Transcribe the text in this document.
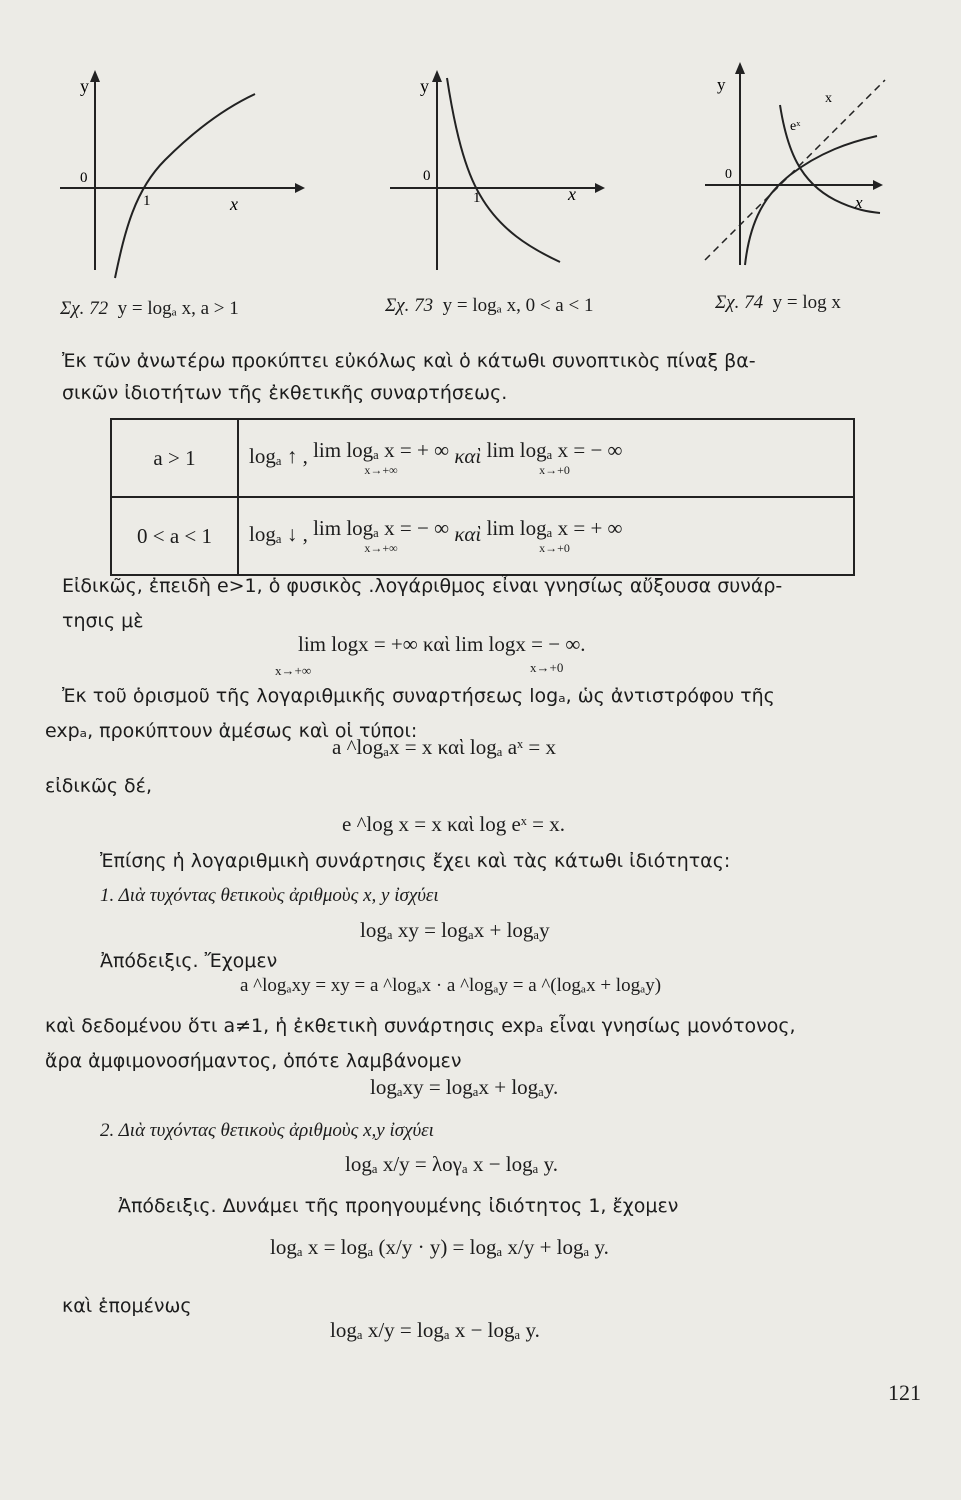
y
x
0
1
y
x
0
1
y
x
0
eˣ
x
Σχ. 72 y = logₐ x, a > 1	Σχ. 73 y = logₐ x, 0 < a < 1	Σχ. 74 y = log x
Ἐκ τῶν ἀνωτέρω προκύπτει εὐκόλως καὶ ὁ κάτωθι συνοπτικὸς πίναξ βα-
σικῶν ἰδιοτήτων τῆς ἐκθετικῆς συναρτήσεως.
a > 1	logₐ ↑ , lim logₐ x = + ∞
x→+∞
καὶ lim logₐ x = − ∞
x→+0

0 < a < 1	logₐ ↓ , lim logₐ x = − ∞
x→+∞
καὶ lim logₐ x = + ∞
x→+0
Εἰδικῶς, ἐπειδὴ e>1, ὁ φυσικὸς .λογάριθμος εἶναι γνησίως αὔξουσα συνάρ-
τησις μὲ
lim logx = +∞ καὶ lim logx = − ∞.
x→+∞	x→+0
Ἐκ τοῦ ὁρισμοῦ τῆς λογαριθμικῆς συναρτήσεως logₐ, ὡς ἀντιστρόφου τῆς
expₐ, προκύπτουν ἀμέσως καὶ οἱ τύποι:
a ^logₐx = x καὶ logₐ aˣ = x
εἰδικῶς δέ,
e ^log x = x καὶ log eˣ = x.
Ἐπίσης ἡ λογαριθμικὴ συνάρτησις ἔχει καὶ τὰς κάτωθι ἰδιότητας:
1. Διὰ τυχόντας θετικοὺς ἀριθμοὺς x, y ἰσχύει
logₐ xy = logₐx + logₐy
Ἀπόδειξις. Ἔχομεν
a ^logₐxy = xy = a ^logₐx · a ^logₐy = a ^(logₐx + logₐy)
καὶ δεδομένου ὅτι a≠1, ἡ ἐκθετικὴ συνάρτησις expₐ εἶναι γνησίως μονότονος,
ἄρα ἀμφιμονοσήμαντος, ὁπότε λαμβάνομεν
logₐxy = logₐx + logₐy.
2. Διὰ τυχόντας θετικοὺς ἀριθμοὺς x,y ἰσχύει
logₐ x/y = λογₐ x − logₐ y.
Ἀπόδειξις. Δυνάμει τῆς προηγουμένης ἰδιότητος 1, ἔχομεν
logₐ x = logₐ (x/y · y) = logₐ x/y + logₐ y.
καὶ ἑπομένως
logₐ x/y = logₐ x − logₐ y.
121
